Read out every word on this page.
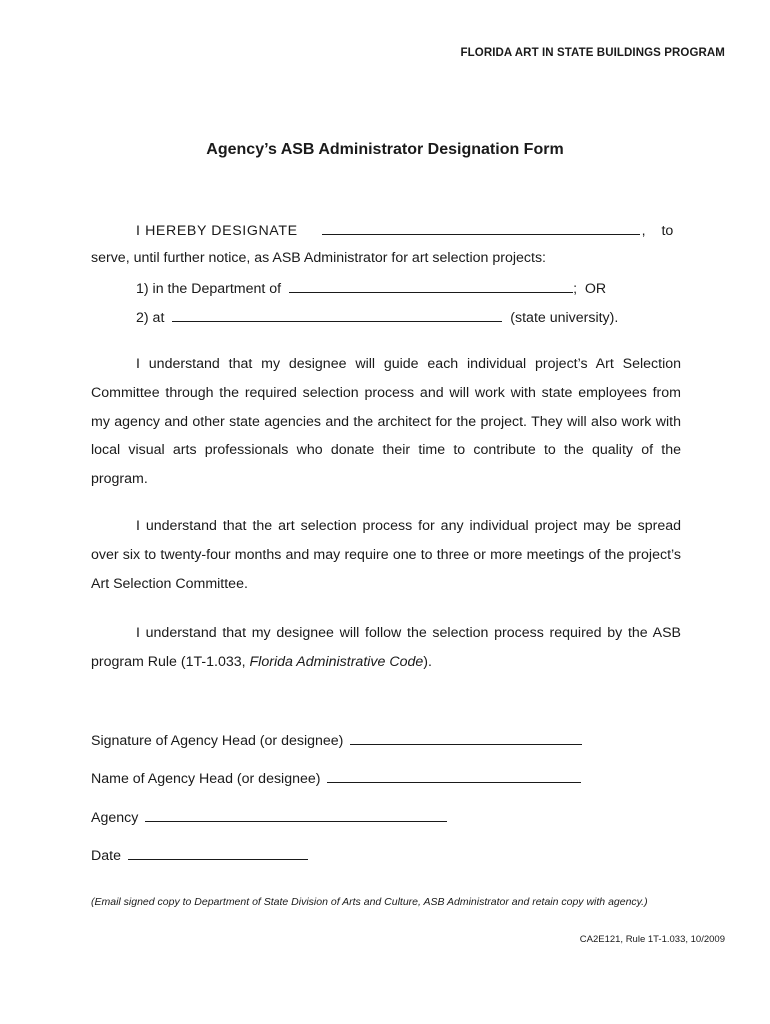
FLORIDA ART IN STATE BUILDINGS PROGRAM
Agency’s ASB Administrator Designation Form
I HEREBY DESIGNATE	, to
serve, until further notice, as ASB Administrator for art selection projects:
1) in the Department of	;  OR
2) at	(state university).
I understand that my designee will guide each individual project’s Art Selection Committee through the required selection process and will work with state employees from my agency and other state agencies and the architect for the project. They will also work with local visual arts professionals who donate their time to contribute to the quality of the program.
I understand that the art selection process for any individual project may be spread over six to twenty-four months and may require one to three or more meetings of the project’s Art Selection Committee.
I understand that my designee will follow the selection process required by the ASB program Rule (1T-1.033, Florida Administrative Code).
Signature of Agency Head (or designee)
Name of Agency Head (or designee)
Agency
Date
(Email signed copy to Department of State Division of Arts and Culture, ASB Administrator and retain copy with agency.)
CA2E121, Rule 1T-1.033, 10/2009
